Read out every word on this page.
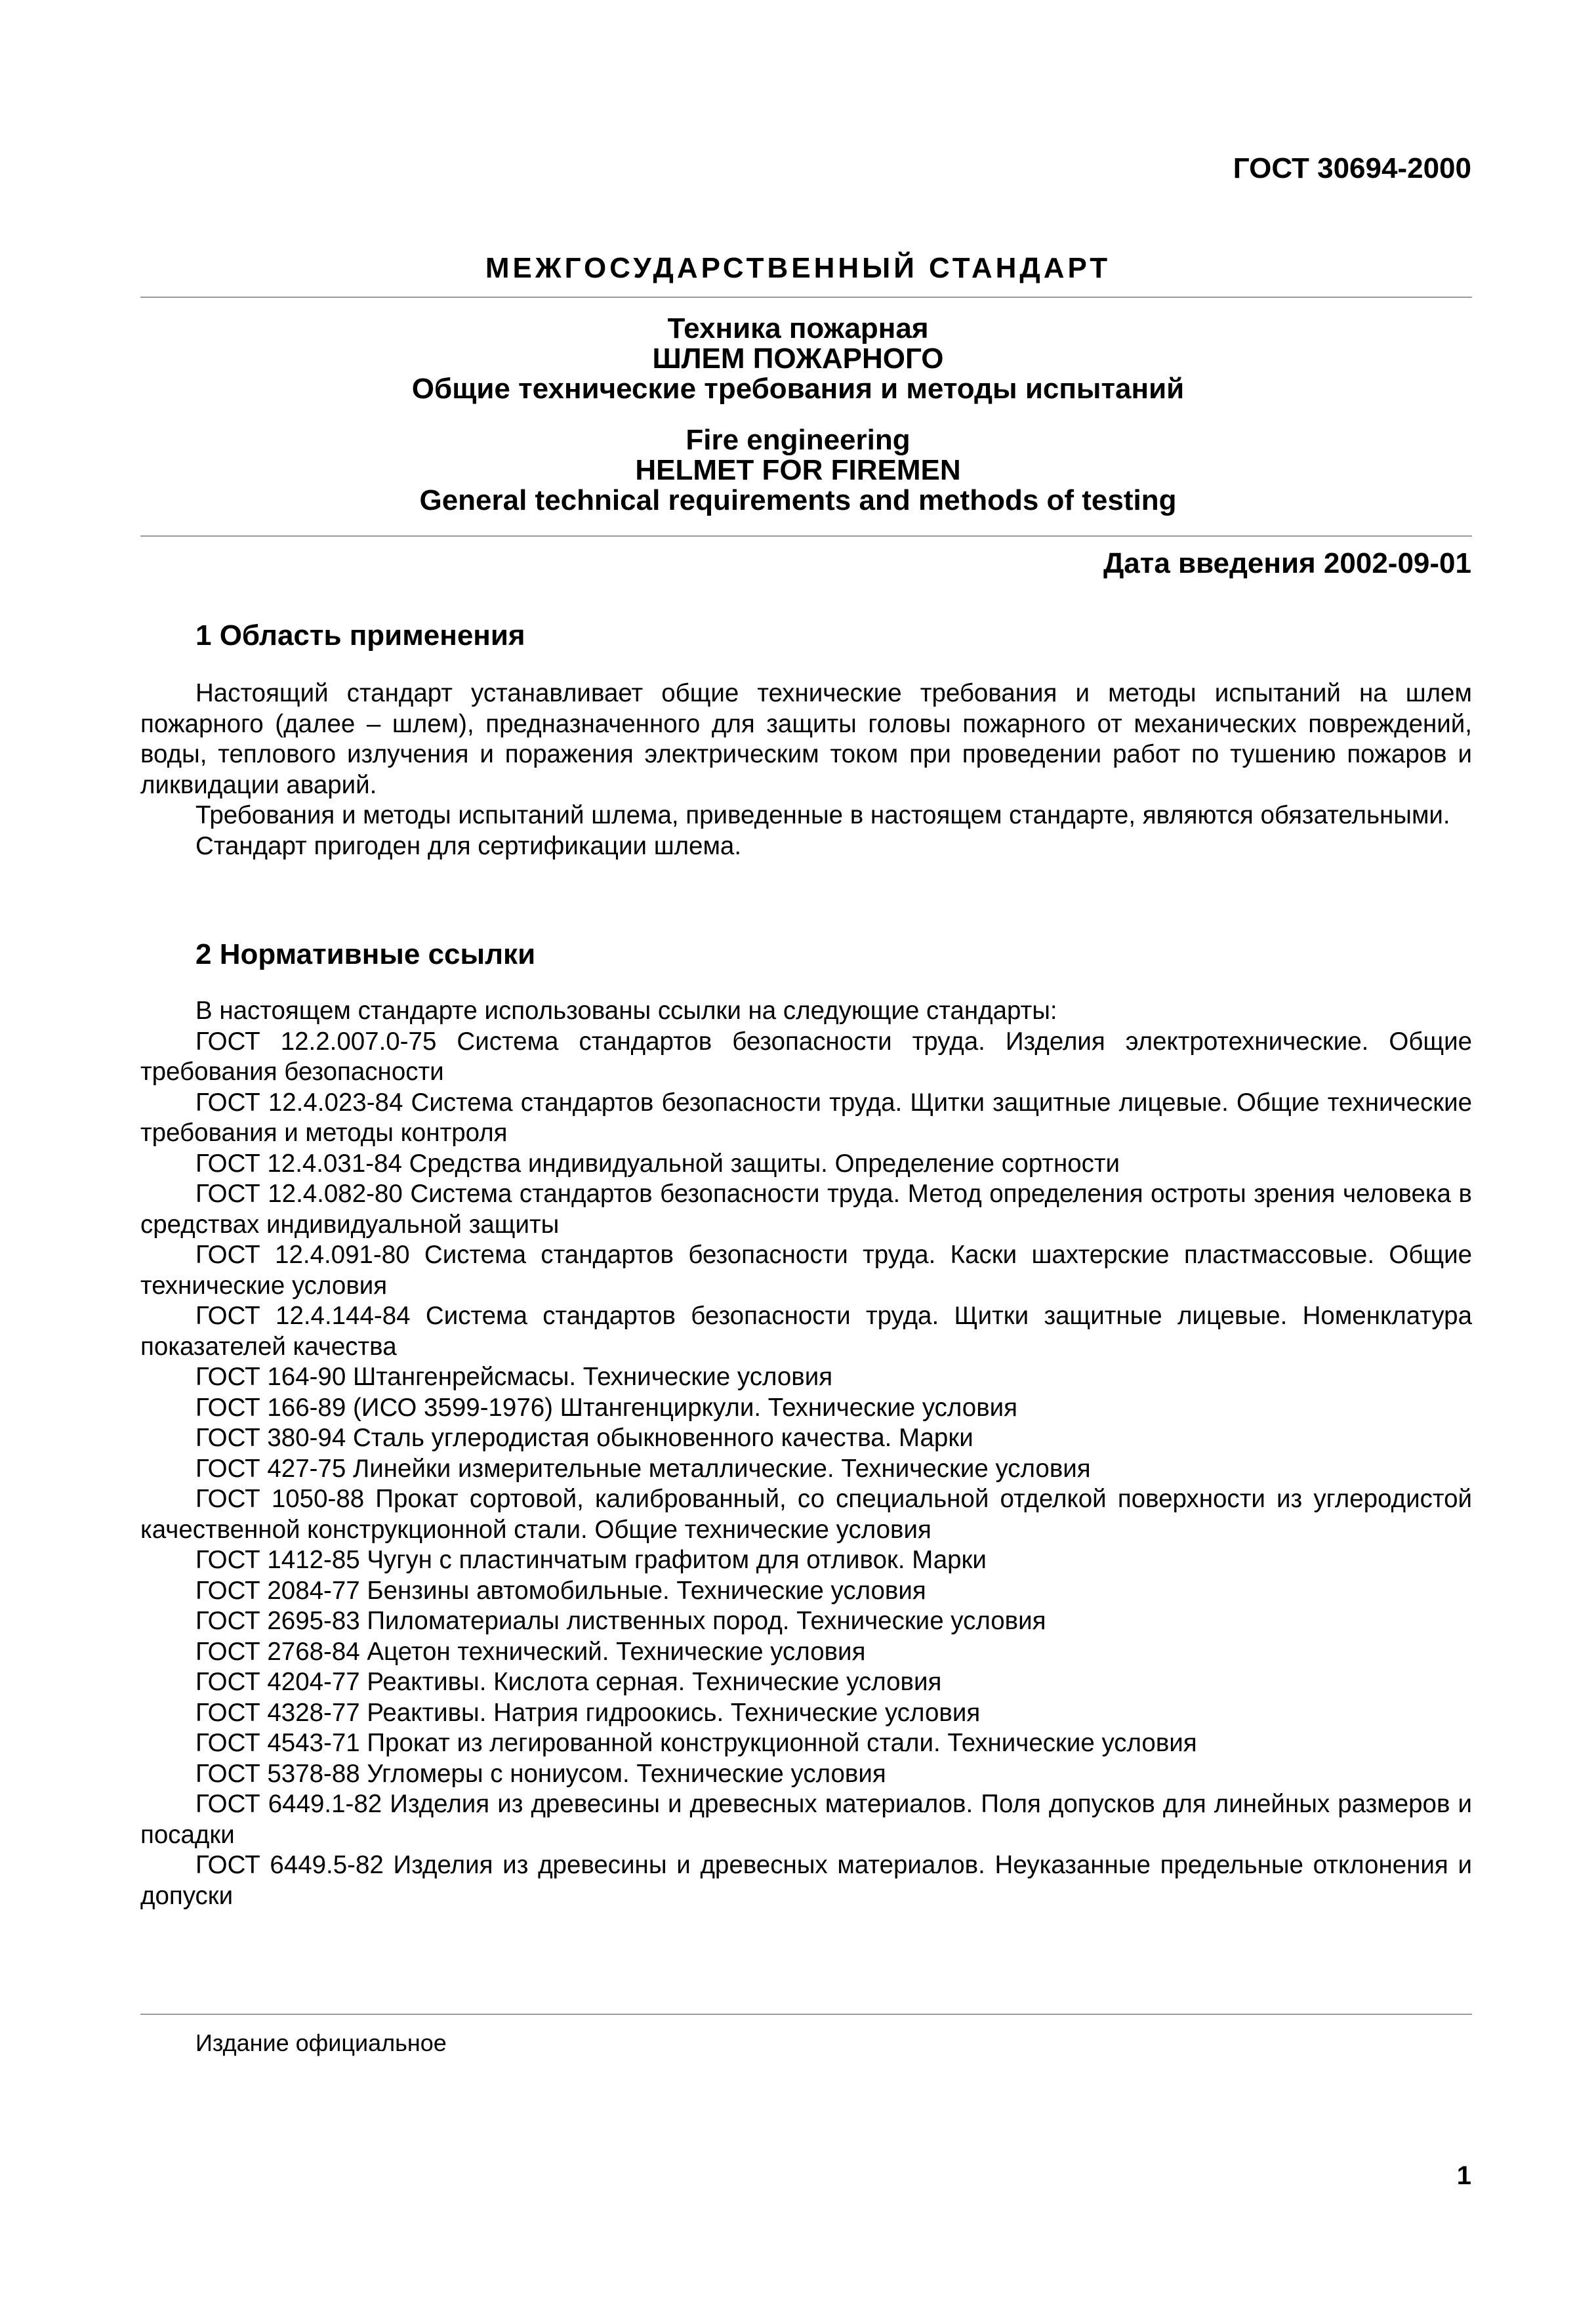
ГОСТ 30694-2000
МЕЖГОСУДАРСТВЕННЫЙ СТАНДАРТ
Техника пожарная
ШЛЕМ ПОЖАРНОГО
Общие технические требования и методы испытаний
Fire engineering
HELMET FOR FIREMEN
General technical requirements and methods of testing
Дата введения 2002-09-01
1 Область применения

Настоящий стандарт устанавливает общие технические требования и методы испытаний на шлем пожарного (далее – шлем), предназначенного для защиты головы пожарного от механических повреждений, воды, теплового излучения и поражения электрическим током при проведении работ по тушению пожаров и ликвидации аварий.

Требования и методы испытаний шлема, приведенные в настоящем стандарте, являются обязательными.

Стандарт пригоден для сертификации шлема.

2 Нормативные ссылки

В настоящем стандарте использованы ссылки на следующие стандарты:

ГОСТ 12.2.007.0-75 Система стандартов безопасности труда. Изделия электротехнические. Общие требования безопасности

ГОСТ 12.4.023-84 Система стандартов безопасности труда. Щитки защитные лицевые. Общие технические требования и методы контроля

ГОСТ 12.4.031-84 Средства индивидуальной защиты. Определение сортности

ГОСТ 12.4.082-80 Система стандартов безопасности труда. Метод определения остроты зрения человека в средствах индивидуальной защиты

ГОСТ 12.4.091-80 Система стандартов безопасности труда. Каски шахтерские пластмассовые. Общие технические условия

ГОСТ 12.4.144-84 Система стандартов безопасности труда. Щитки защитные лицевые. Номенклатура показателей качества

ГОСТ 164-90 Штангенрейсмасы. Технические условия

ГОСТ 166-89 (ИСО 3599-1976) Штангенциркули. Технические условия

ГОСТ 380-94 Сталь углеродистая обыкновенного качества. Марки

ГОСТ 427-75 Линейки измерительные металлические. Технические условия

ГОСТ 1050-88 Прокат сортовой, калиброванный, со специальной отделкой поверхности из углеродистой качественной конструкционной стали. Общие технические условия

ГОСТ 1412-85 Чугун с пластинчатым графитом для отливок. Марки

ГОСТ 2084-77 Бензины автомобильные. Технические условия

ГОСТ 2695-83 Пиломатериалы лиственных пород. Технические условия

ГОСТ 2768-84 Ацетон технический. Технические условия

ГОСТ 4204-77 Реактивы. Кислота серная. Технические условия

ГОСТ 4328-77 Реактивы. Натрия гидроокись. Технические условия

ГОСТ 4543-71 Прокат из легированной конструкционной стали. Технические условия

ГОСТ 5378-88 Угломеры с нониусом. Технические условия

ГОСТ 6449.1-82 Изделия из древесины и древесных материалов. Поля допусков для линейных размеров и посадки

ГОСТ 6449.5-82 Изделия из древесины и древесных материалов. Неуказанные предельные отклонения и допуски

Издание официальное
1
